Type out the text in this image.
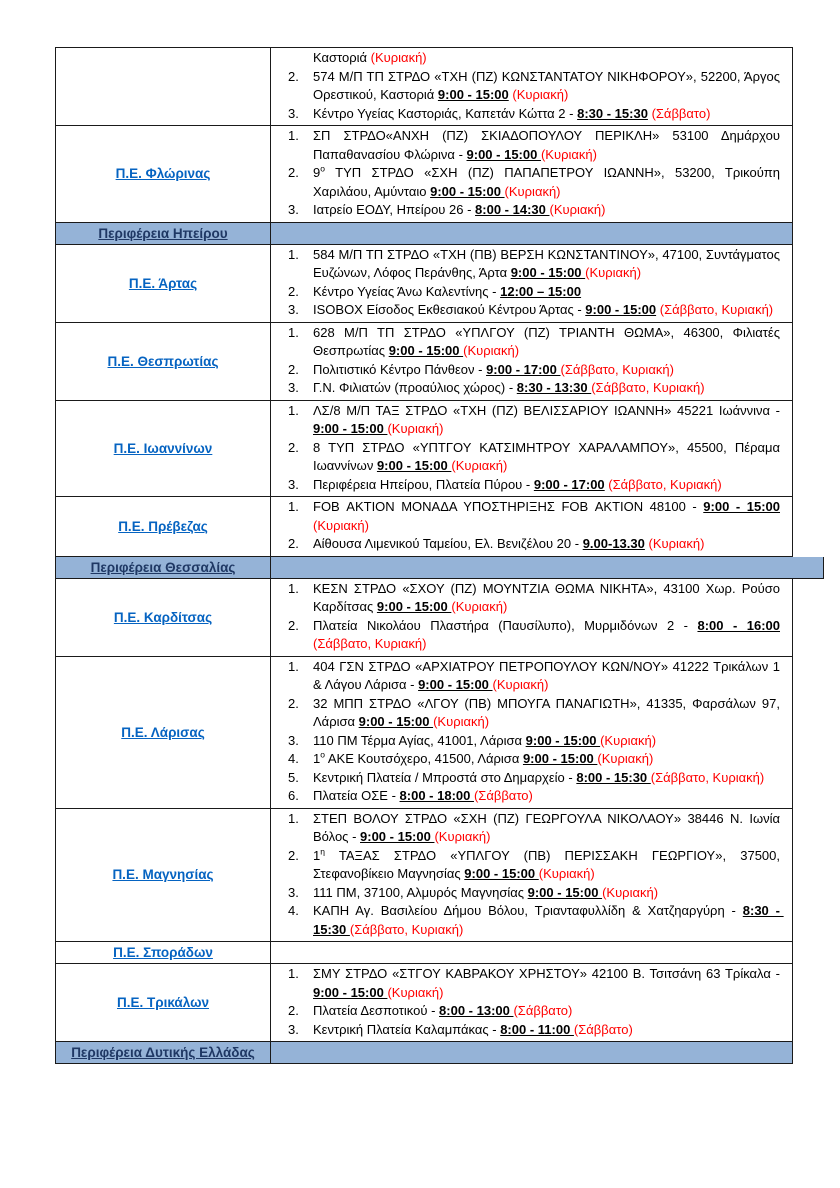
Καστοριά (Κυριακή)
2.	574 Μ/Π ΤΠ ΣΤΡΔΟ «ΤΧΗ (ΠΖ) ΚΩΝΣΤΑΝΤΑΤΟΥ ΝΙΚΗΦΟΡΟΥ», 52200, Άργος Ορεστικού, Καστοριά 9:00 - 15:00 (Κυριακή)
3.	Κέντρο Υγείας Καστοριάς, Καπετάν Κώττα 2 - 8:30 - 15:30 (Σάββατο)
Π.Ε. Φλώρινας
1.	ΣΠ ΣΤΡΔΟ«ΑΝΧΗ (ΠΖ) ΣΚΙΑΔΟΠΟΥΛΟΥ ΠΕΡΙΚΛΗ» 53100 Δημάρχου Παπαθανασίου Φλώρινα - 9:00 - 15:00 (Κυριακή)
2.	$9^o$ ΤΥΠ ΣΤΡΔΟ «ΣΧΗ (ΠΖ) ΠΑΠΑΠΕΤΡΟΥ ΙΩΑΝΝΗ», 53200, Τρικούπη Χαριλάου, Αμύνταιο 9:00 - 15:00 (Κυριακή)
3.	Ιατρείο ΕΟΔΥ, Ηπείρου 26 - 8:00 - 14:30 (Κυριακή)
Περιφέρεια Ηπείρου
Π.Ε. Άρτας
1.	584 Μ/Π ΤΠ ΣΤΡΔΟ «ΤΧΗ (ΠΒ) ΒΕΡΣΗ ΚΩΝΣΤΑΝΤΙΝΟΥ», 47100, Συντάγματος Ευζώνων, Λόφος Περάνθης, Άρτα 9:00 - 15:00 (Κυριακή)
2.	Κέντρο Υγείας Άνω Καλεντίνης - 12:00 – 15:00
3.	ISOBOX Είσοδος Εκθεσιακού Κέντρου Άρτας - 9:00 - 15:00 (Σάββατο, Κυριακή)
Π.Ε. Θεσπρωτίας
1.	628 Μ/Π ΤΠ ΣΤΡΔΟ «ΥΠΛΓΟΥ (ΠΖ) ΤΡΙΑΝΤΗ ΘΩΜΑ», 46300, Φιλιατές Θεσπρωτίας 9:00 - 15:00 (Κυριακή)
2.	Πολιτιστικό Κέντρο Πάνθεον - 9:00 - 17:00 (Σάββατο, Κυριακή)
3.	Γ.Ν. Φιλιατών (προαύλιος χώρος) - 8:30 - 13:30 (Σάββατο, Κυριακή)
Π.Ε. Ιωαννίνων
1.	ΛΣ/8 Μ/Π ΤΑΞ ΣΤΡΔΟ «ΤΧΗ (ΠΖ) ΒΕΛΙΣΣΑΡΙΟΥ ΙΩΑΝΝΗ» 45221 Ιωάννινα - 9:00 - 15:00 (Κυριακή)
2.	8 ΤΥΠ ΣΤΡΔΟ «ΥΠΤΓΟΥ ΚΑΤΣΙΜΗΤΡΟΥ ΧΑΡΑΛΑΜΠΟΥ», 45500, Πέραμα Ιωαννίνων 9:00 - 15:00 (Κυριακή)
3.	Περιφέρεια Ηπείρου, Πλατεία Πύρου - 9:00 - 17:00 (Σάββατο, Κυριακή)
Π.Ε. Πρέβεζας
1.	FOB ΑΚΤΙΟΝ ΜΟΝΑΔΑ ΥΠΟΣΤΗΡΙΞΗΣ FOB ΑΚΤΙΟΝ 48100 - 9:00 - 15:00 (Κυριακή)
2.	Αίθουσα Λιμενικού Ταμείου, Ελ. Βενιζέλου 20 - 9.00-13.30 (Κυριακή)
Περιφέρεια Θεσσαλίας
Π.Ε. Καρδίτσας
1.	ΚΕΣΝ ΣΤΡΔΟ «ΣΧΟΥ (ΠΖ) ΜΟΥΝΤΖΙΑ ΘΩΜΑ ΝΙΚΗΤΑ», 43100 Χωρ. Ρούσο Καρδίτσας 9:00 - 15:00 (Κυριακή)
2.	Πλατεία Νικολάου Πλαστήρα (Παυσίλυπο), Μυρμιδόνων 2 - 8:00 - 16:00 (Σάββατο, Κυριακή)
Π.Ε. Λάρισας
1.	404 ΓΣΝ ΣΤΡΔΟ «ΑΡΧΙΑΤΡΟΥ ΠΕΤΡΟΠΟΥΛΟΥ ΚΩΝ/ΝΟΥ» 41222 Τρικάλων 1 & Λάγου Λάρισα - 9:00 - 15:00 (Κυριακή)
2.	32 ΜΠΠ ΣΤΡΔΟ «ΛΓΟΥ (ΠΒ) ΜΠΟΥΓΑ ΠΑΝΑΓΙΩΤΗ», 41335, Φαρσάλων 97, Λάρισα 9:00 - 15:00 (Κυριακή)
3.	110 ΠΜ Τέρμα Αγίας, 41001, Λάρισα 9:00 - 15:00 (Κυριακή)
4.	$1^o$ ΑΚΕ Κουτσόχερο, 41500, Λάρισα 9:00 - 15:00 (Κυριακή)
5.	Κεντρική Πλατεία / Μπροστά στο Δημαρχείο - 8:00 - 15:30 (Σάββατο, Κυριακή)
6.	Πλατεία ΟΣΕ - 8:00 - 18:00 (Σάββατο)
Π.Ε. Μαγνησίας
1.	ΣΤΕΠ ΒΟΛΟΥ ΣΤΡΔΟ «ΣΧΗ (ΠΖ) ΓΕΩΡΓΟΥΛΑ ΝΙΚΟΛΑΟΥ» 38446 Ν. Ιωνία Βόλος - 9:00 - 15:00 (Κυριακή)
2.	$1^\eta$ ΤΑΞΑΣ ΣΤΡΔΟ «ΥΠΛΓΟΥ (ΠΒ) ΠΕΡΙΣΣΑΚΗ ΓΕΩΡΓΙΟΥ», 37500, Στεφανοβίκειο Μαγνησίας 9:00 - 15:00 (Κυριακή)
3.	111 ΠΜ, 37100, Αλμυρός Μαγνησίας 9:00 - 15:00 (Κυριακή)
4.	ΚΑΠΗ Αγ. Βασιλείου Δήμου Βόλου, Τριανταφυλλίδη & Χατζηαργύρη - 8:30 - 15:30 (Σάββατο, Κυριακή)
Π.Ε. Σποράδων
Π.Ε. Τρικάλων
1.	ΣΜΥ ΣΤΡΔΟ «ΣΤΓΟΥ ΚΑΒΡΑΚΟΥ ΧΡΗΣΤΟΥ» 42100 Β. Τσιτσάνη 63 Τρίκαλα - 9:00 - 15:00 (Κυριακή)
2.	Πλατεία Δεσποτικού - 8:00 - 13:00 (Σάββατο)
3.	Κεντρική Πλατεία Καλαμπάκας - 8:00 - 11:00 (Σάββατο)
Περιφέρεια Δυτικής Ελλάδας
